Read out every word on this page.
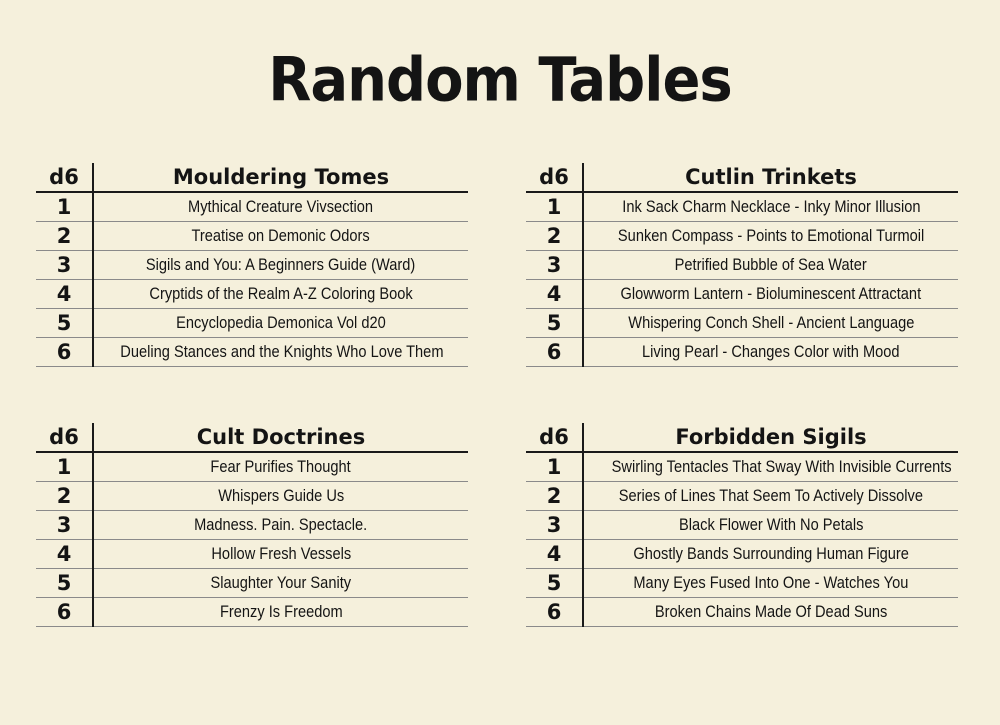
Random Tables
d6	Mouldering Tomes
1	Mythical Creature Vivsection
2	Treatise on Demonic Odors
3	Sigils and You: A Beginners Guide (Ward)
4	Cryptids of the Realm A-Z Coloring Book
5	Encyclopedia Demonica Vol d20
6	Dueling Stances and the Knights Who Love Them
d6	Cutlin Trinkets
1	Ink Sack Charm Necklace - Inky Minor Illusion
2	Sunken Compass - Points to Emotional Turmoil
3	Petrified Bubble of Sea Water
4	Glowworm Lantern - Bioluminescent Attractant
5	Whispering Conch Shell - Ancient Language
6	Living Pearl - Changes Color with Mood
d6	Cult Doctrines
1	Fear Purifies Thought
2	Whispers Guide Us
3	Madness. Pain. Spectacle.
4	Hollow Fresh Vessels
5	Slaughter Your Sanity
6	Frenzy Is Freedom
d6	Forbidden Sigils
1	Swirling Tentacles That Sway With Invisible Currents
2	Series of Lines That Seem To Actively Dissolve
3	Black Flower With No Petals
4	Ghostly Bands Surrounding Human Figure
5	Many Eyes Fused Into One - Watches You
6	Broken Chains Made Of Dead Suns
